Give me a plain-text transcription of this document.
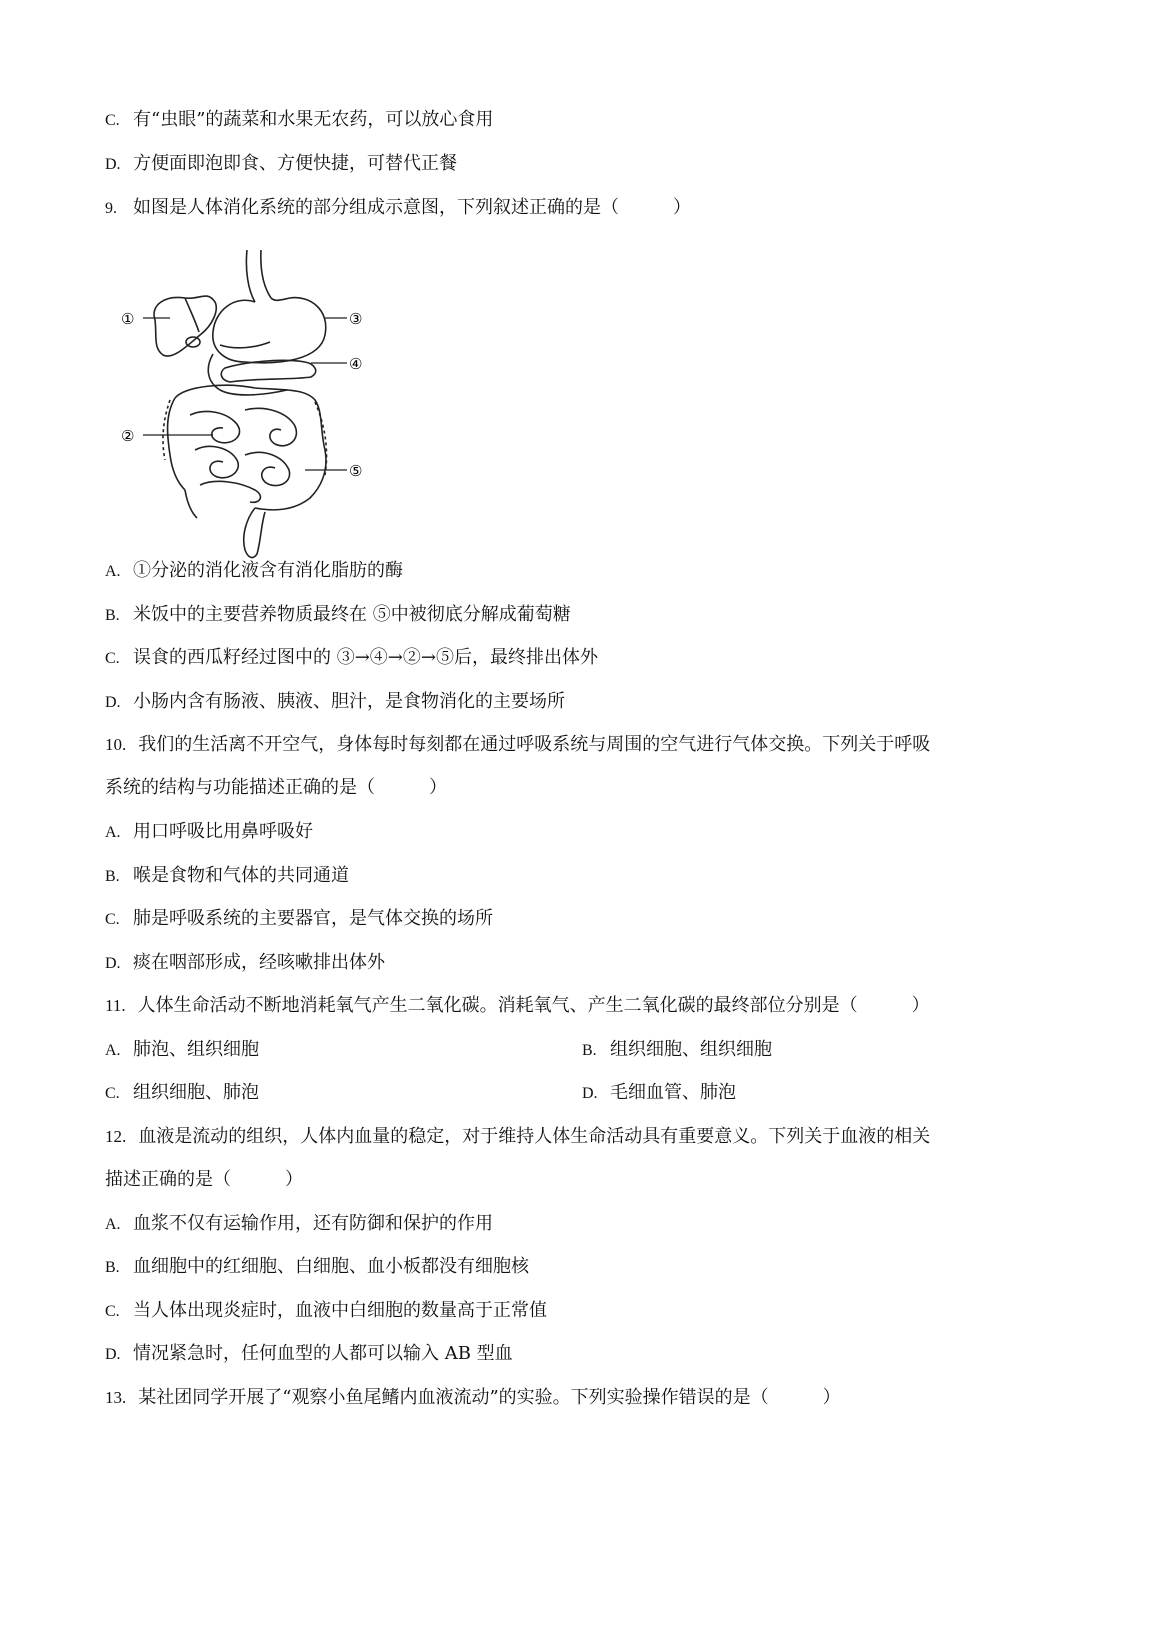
C. 有“虫眼”的蔬菜和水果无农药，可以放心食用
D. 方便面即泡即食、方便快捷，可替代正餐
9. 如图是人体消化系统的部分组成示意图，下列叙述正确的是（　　　）
①
②
③
④
⑤
A. ①分泌的消化液含有消化脂肪的酶
B. 米饭中的主要营养物质最终在 ⑤中被彻底分解成葡萄糖
C. 误食的西瓜籽经过图中的 ③→④→②→⑤后，最终排出体外
D. 小肠内含有肠液、胰液、胆汁，是食物消化的主要场所
10. 我们的生活离不开空气，身体每时每刻都在通过呼吸系统与周围的空气进行气体交换。下列关于呼吸
系统的结构与功能描述正确的是（　　　）
A. 用口呼吸比用鼻呼吸好
B. 喉是食物和气体的共同通道
C. 肺是呼吸系统的主要器官，是气体交换的场所
D. 痰在咽部形成，经咳嗽排出体外
11. 人体生命活动不断地消耗氧气产生二氧化碳。消耗氧气、产生二氧化碳的最终部位分别是（　　　）
A. 肺泡、组织细胞	B. 组织细胞、组织细胞
C. 组织细胞、肺泡	D. 毛细血管、肺泡
12. 血液是流动的组织，人体内血量的稳定，对于维持人体生命活动具有重要意义。下列关于血液的相关
描述正确的是（　　　）
A. 血浆不仅有运输作用，还有防御和保护的作用
B. 血细胞中的红细胞、白细胞、血小板都没有细胞核
C. 当人体出现炎症时，血液中白细胞的数量高于正常值
D. 情况紧急时，任何血型的人都可以输入 AB 型血
13. 某社团同学开展了“观察小鱼尾鳍内血液流动”的实验。下列实验操作错误的是（　　　）
